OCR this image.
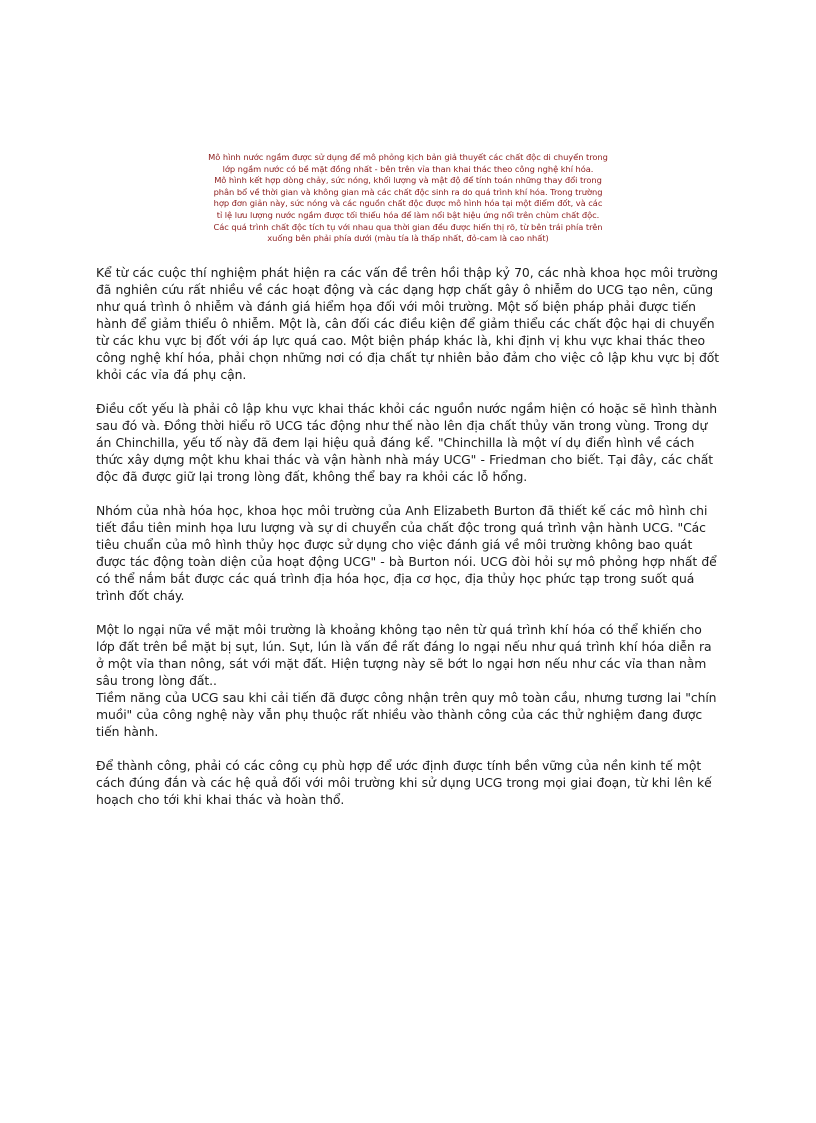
Mô hình nước ngầm được sử dụng để mô phỏng kịch bản giả thuyết các chất độc di chuyển trong

lớp ngầm nước có bề mặt đồng nhất - bên trên vỉa than khai thác theo công nghệ khí hóa.

Mô hình kết hợp dòng chảy, sức nóng, khối lượng và mật độ để tính toán những thay đổi trong

phân bổ về thời gian và không gian mà các chất độc sinh ra do quá trình khí hóa. Trong trường

hợp đơn giản này, sức nóng và các nguồn chất độc được mô hình hóa tại một điểm đốt, và các

tỉ lệ lưu lượng nước ngầm được tối thiểu hóa để làm nổi bật hiệu ứng nổi trên chùm chất độc.

Các quá trình chất độc tích tụ với nhau qua thời gian đều được hiển thị rõ, từ bên trái phía trên

xuống bên phải phía dưới (màu tía là thấp nhất, đỏ-cam là cao nhất)

Kể từ các cuộc thí nghiệm phát hiện ra các vấn đề trên hồi thập kỷ 70, các nhà khoa học môi trường đã nghiên cứu rất nhiều về các hoạt động và các dạng hợp chất gây ô nhiễm do UCG tạo nên, cũng như quá trình ô nhiễm và đánh giá hiểm họa đối với môi trường. Một số biện pháp phải được tiến hành để giảm thiểu ô nhiễm. Một là, cân đối các điều kiện để giảm thiểu các chất độc hại di chuyển từ các khu vực bị đốt với áp lực quá cao. Một biện pháp khác là, khi định vị khu vực khai thác theo công nghệ khí hóa, phải chọn những nơi có địa chất tự nhiên bảo đảm cho việc cô lập khu vực bị đốt khỏi các vỉa đá phụ cận.

Điều cốt yếu là phải cô lập khu vực khai thác khỏi các nguồn nước ngầm hiện có hoặc sẽ hình thành sau đó và. Đồng thời hiểu rõ UCG tác động như thế nào lên địa chất thủy văn trong vùng. Trong dự án Chinchilla, yếu tố này đã đem lại hiệu quả đáng kể. "Chinchilla là một ví dụ điển hình về cách thức xây dựng một khu khai thác và vận hành nhà máy UCG" - Friedman cho biết. Tại đây, các chất độc đã được giữ lại trong lòng đất, không thể bay ra khỏi các lỗ hổng.

Nhóm của nhà hóa học, khoa học môi trường của Anh Elizabeth Burton đã thiết kế các mô hình chi tiết đầu tiên minh họa lưu lượng và sự di chuyển của chất độc trong quá trình vận hành UCG. "Các tiêu chuẩn của mô hình thủy học được sử dụng cho việc đánh giá về môi trường không bao quát được tác động toàn diện của hoạt động UCG" - bà Burton nói. UCG đòi hỏi sự mô phỏng hợp nhất để có thể nắm bắt được các quá trình địa hóa học, địa cơ học, địa thủy học phức tạp trong suốt quá trình đốt cháy.

Một lo ngại nữa về mặt môi trường là khoảng không tạo nên từ quá trình khí hóa có thể khiến cho lớp đất trên bề mặt bị sụt, lún. Sụt, lún là vấn đề rất đáng lo ngại nếu như quá trình khí hóa diễn ra ở một vỉa than nông, sát với mặt đất. Hiện tượng này sẽ bớt lo ngại hơn nếu như các vỉa than nằm sâu trong lòng đất..

Tiềm năng của UCG sau khi cải tiến đã được công nhận trên quy mô toàn cầu, nhưng tương lai "chín muồi" của công nghệ này vẫn phụ thuộc rất nhiều vào thành công của các thử nghiệm đang được tiến hành.

Để thành công, phải có các công cụ phù hợp để ước định được tính bền vững của nền kinh tế một cách đúng đắn và các hệ quả đối với môi trường khi sử dụng UCG trong mọi giai đoạn, từ khi lên kế hoạch cho tới khi khai thác và hoàn thổ.
